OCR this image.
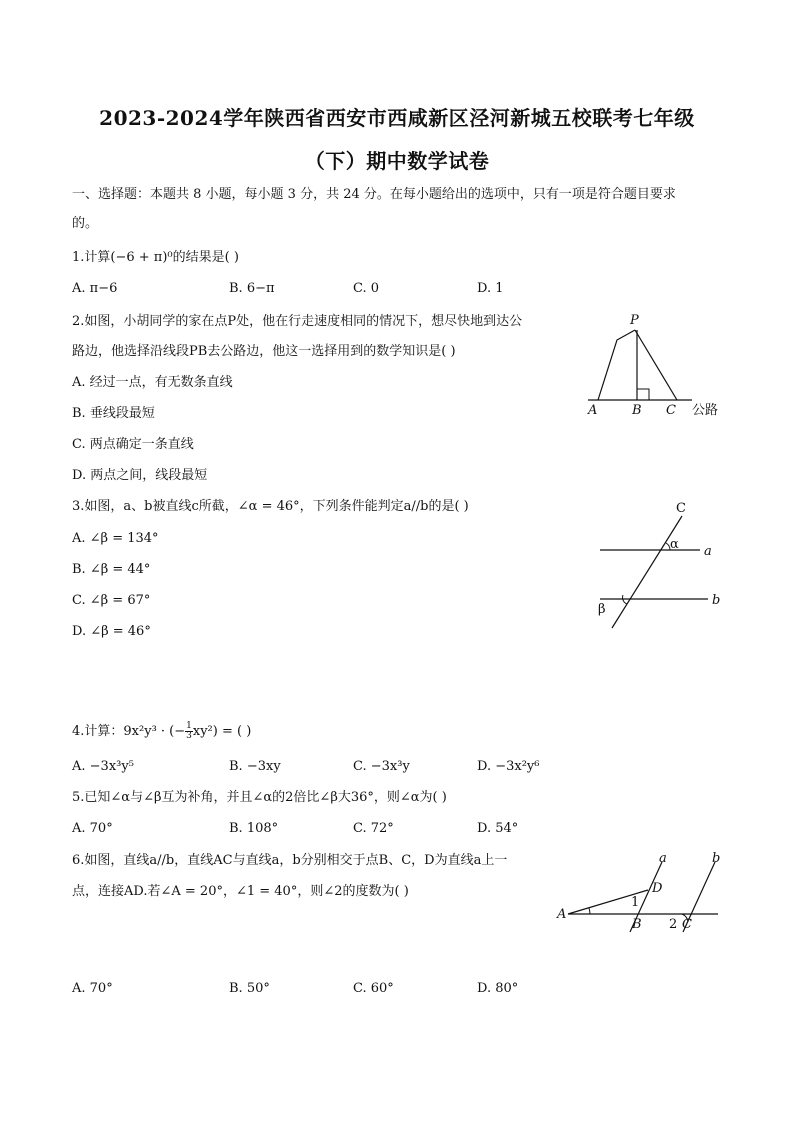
2023-2024学年陕西省西安市西咸新区泾河新城五校联考七年级
（下）期中数学试卷
一、选择题：本题共 8 小题，每小题 3 分，共 24 分。在每小题给出的选项中，只有一项是符合题目要求
的。
1.计算(−6 + π)⁰的结果是( )
A. π−6	B. 6−π	C. 0	D. 1
2.如图，小胡同学的家在点P处，他在行走速度相同的情况下，想尽快地到达公
路边，他选择沿线段PB去公路边，他这一选择用到的数学知识是( )
A. 经过一点，有无数条直线
B. 垂线段最短
C. 两点确定一条直线
D. 两点之间，线段最短
P
A	B C 公路
3.如图，a、b被直线c所截，∠α = 46°，下列条件能判定a//b的是( )
A. ∠β = 134°
B. ∠β = 44°
C. ∠β = 67°
D. ∠β = 46°
C
α a
β
b
4.计算：9x²y³ · (− $\frac{1}{3} xy^2$) = ( )
A. −3x³y⁵	B. −3xy	C. −3x³y	D. −3x²y⁶
5.已知∠α与∠β互为补角，并且∠α的2倍比∠β大36°，则∠α为( )
A. 70°	B. 108°	C. 72°	D. 54°
6.如图，直线a//b，直线AC与直线a，b分别相交于点B、C，D为直线a上一
点，连接AD.若∠A = 20°，∠1 = 40°，则∠2的度数为( )
A. 70°	B. 50°	C. 60°	D. 80°
a	b
D
A
1
B 2 C
